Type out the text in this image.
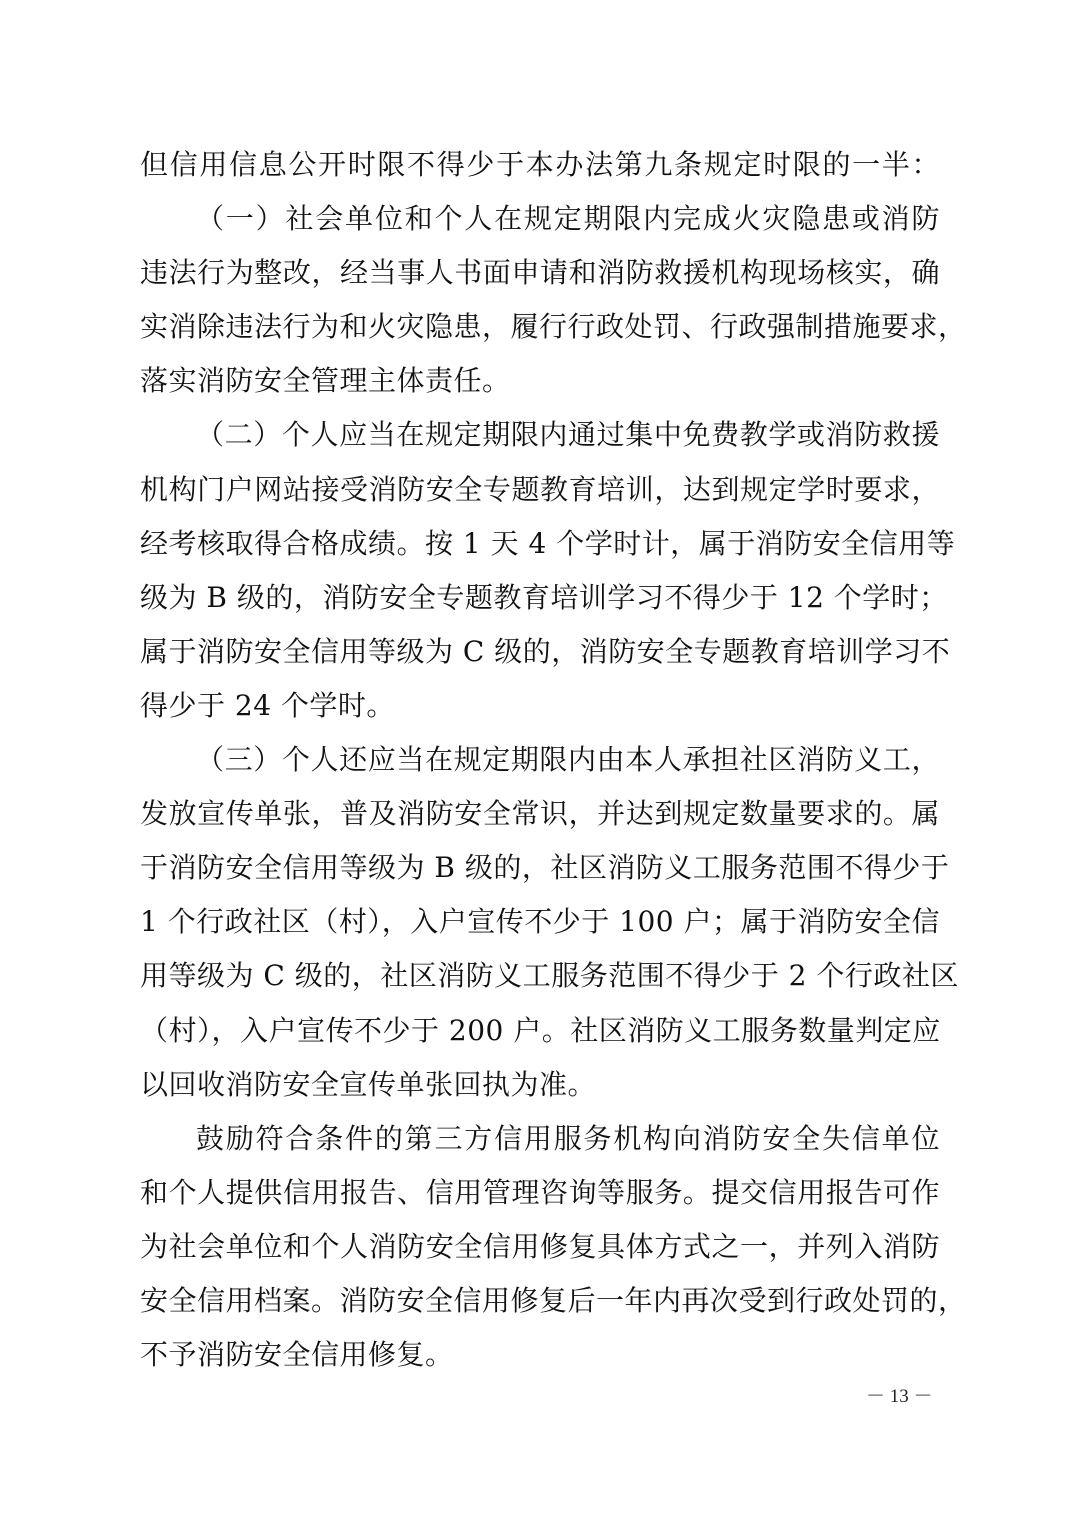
但信用信息公开时限不得少于本办法第九条规定时限的一半：
（一）社会单位和个人在规定期限内完成火灾隐患或消防
违法行为整改，经当事人书面申请和消防救援机构现场核实，确
实消除违法行为和火灾隐患，履行行政处罚、行政强制措施要求，
落实消防安全管理主体责任。
（二）个人应当在规定期限内通过集中免费教学或消防救援
机构门户网站接受消防安全专题教育培训，达到规定学时要求，
经考核取得合格成绩。按 1 天 4 个学时计，属于消防安全信用等
级为 B 级的，消防安全专题教育培训学习不得少于 12 个学时；
属于消防安全信用等级为 C 级的，消防安全专题教育培训学习不
得少于 24 个学时。
（三）个人还应当在规定期限内由本人承担社区消防义工，
发放宣传单张，普及消防安全常识，并达到规定数量要求的。属
于消防安全信用等级为 B 级的，社区消防义工服务范围不得少于
1 个行政社区（村），入户宣传不少于 100 户；属于消防安全信
用等级为 C 级的，社区消防义工服务范围不得少于 2 个行政社区
（村），入户宣传不少于 200 户。社区消防义工服务数量判定应
以回收消防安全宣传单张回执为准。
鼓励符合条件的第三方信用服务机构向消防安全失信单位
和个人提供信用报告、信用管理咨询等服务。提交信用报告可作
为社会单位和个人消防安全信用修复具体方式之一，并列入消防
安全信用档案。消防安全信用修复后一年内再次受到行政处罚的，
不予消防安全信用修复。
－ 13 －
